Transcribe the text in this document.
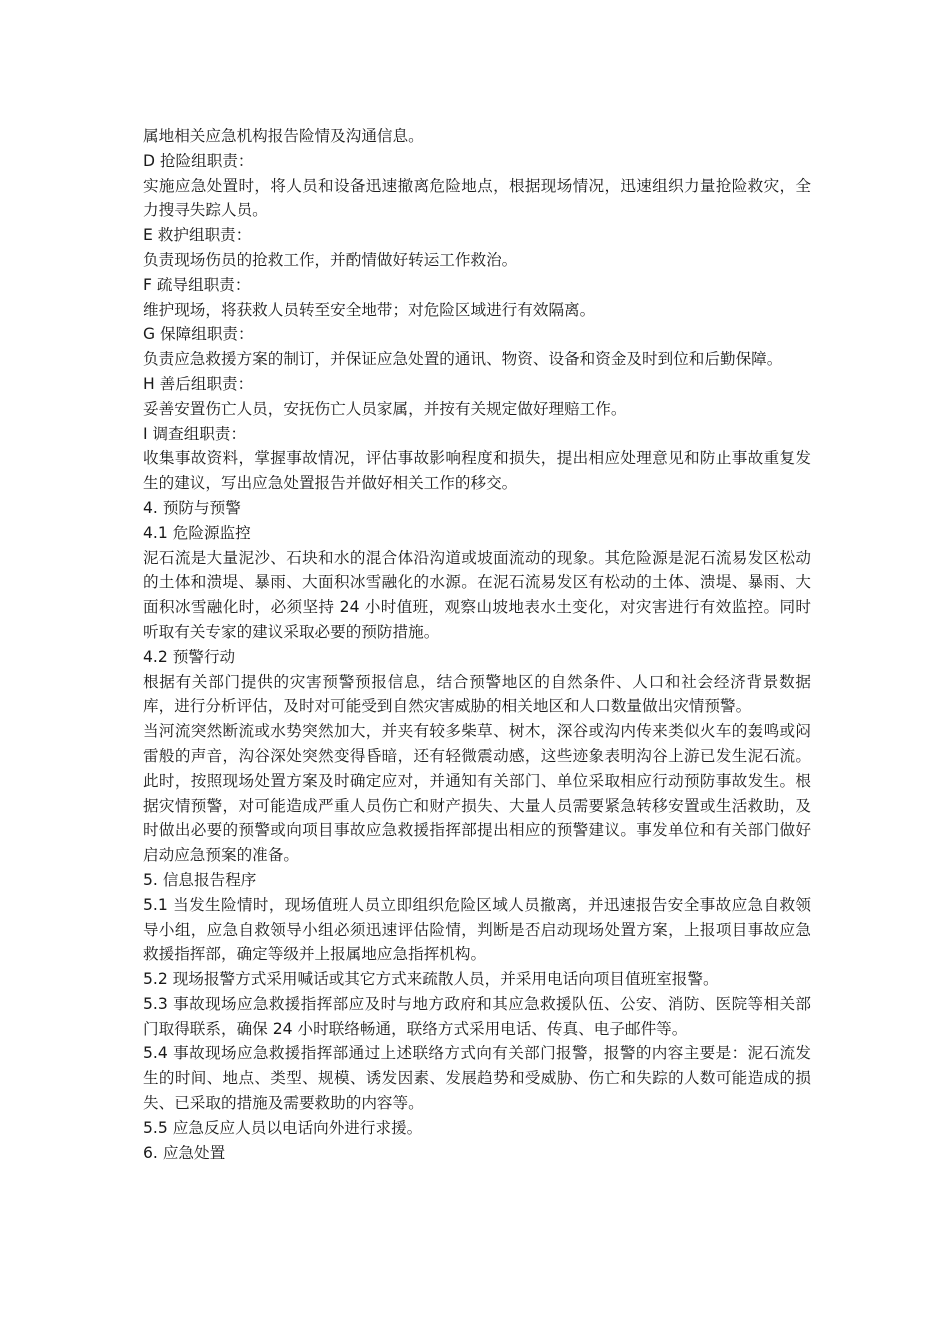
属地相关应急机构报告险情及沟通信息。

D 抢险组职责：

实施应急处置时，将人员和设备迅速撤离危险地点，根据现场情况，迅速组织力量抢险救灾，全力搜寻失踪人员。

E 救护组职责：

负责现场伤员的抢救工作，并酌情做好转运工作救治。

F 疏导组职责：

维护现场，将获救人员转至安全地带；对危险区域进行有效隔离。

G 保障组职责：

负责应急救援方案的制订，并保证应急处置的通讯、物资、设备和资金及时到位和后勤保障。

H 善后组职责：

妥善安置伤亡人员，安抚伤亡人员家属，并按有关规定做好理赔工作。

I 调查组职责：

收集事故资料，掌握事故情况，评估事故影响程度和损失，提出相应处理意见和防止事故重复发生的建议，写出应急处置报告并做好相关工作的移交。

4. 预防与预警

4.1 危险源监控

泥石流是大量泥沙、石块和水的混合体沿沟道或坡面流动的现象。其危险源是泥石流易发区松动的土体和溃堤、暴雨、大面积冰雪融化的水源。在泥石流易发区有松动的土体、溃堤、暴雨、大面积冰雪融化时，必须坚持 24 小时值班，观察山坡地表水土变化，对灾害进行有效监控。同时听取有关专家的建议采取必要的预防措施。

4.2 预警行动

根据有关部门提供的灾害预警预报信息，结合预警地区的自然条件、人口和社会经济背景数据库，进行分析评估，及时对可能受到自然灾害威胁的相关地区和人口数量做出灾情预警。

当河流突然断流或水势突然加大，并夹有较多柴草、树木，深谷或沟内传来类似火车的轰鸣或闷雷般的声音，沟谷深处突然变得昏暗，还有轻微震动感，这些迹象表明沟谷上游已发生泥石流。此时，按照现场处置方案及时确定应对，并通知有关部门、单位采取相应行动预防事故发生。根据灾情预警，对可能造成严重人员伤亡和财产损失、大量人员需要紧急转移安置或生活救助，及时做出必要的预警或向项目事故应急救援指挥部提出相应的预警建议。事发单位和有关部门做好启动应急预案的准备。

5. 信息报告程序

5.1 当发生险情时，现场值班人员立即组织危险区域人员撤离，并迅速报告安全事故应急自救领导小组，应急自救领导小组必须迅速评估险情，判断是否启动现场处置方案，上报项目事故应急救援指挥部，确定等级并上报属地应急指挥机构。

5.2 现场报警方式采用喊话或其它方式来疏散人员，并采用电话向项目值班室报警。

5.3 事故现场应急救援指挥部应及时与地方政府和其应急救援队伍、公安、消防、医院等相关部门取得联系，确保 24 小时联络畅通，联络方式采用电话、传真、电子邮件等。

5.4 事故现场应急救援指挥部通过上述联络方式向有关部门报警，报警的内容主要是：泥石流发生的时间、地点、类型、规模、诱发因素、发展趋势和受威胁、伤亡和失踪的人数可能造成的损失、已采取的措施及需要救助的内容等。

5.5 应急反应人员以电话向外进行求援。

6. 应急处置
